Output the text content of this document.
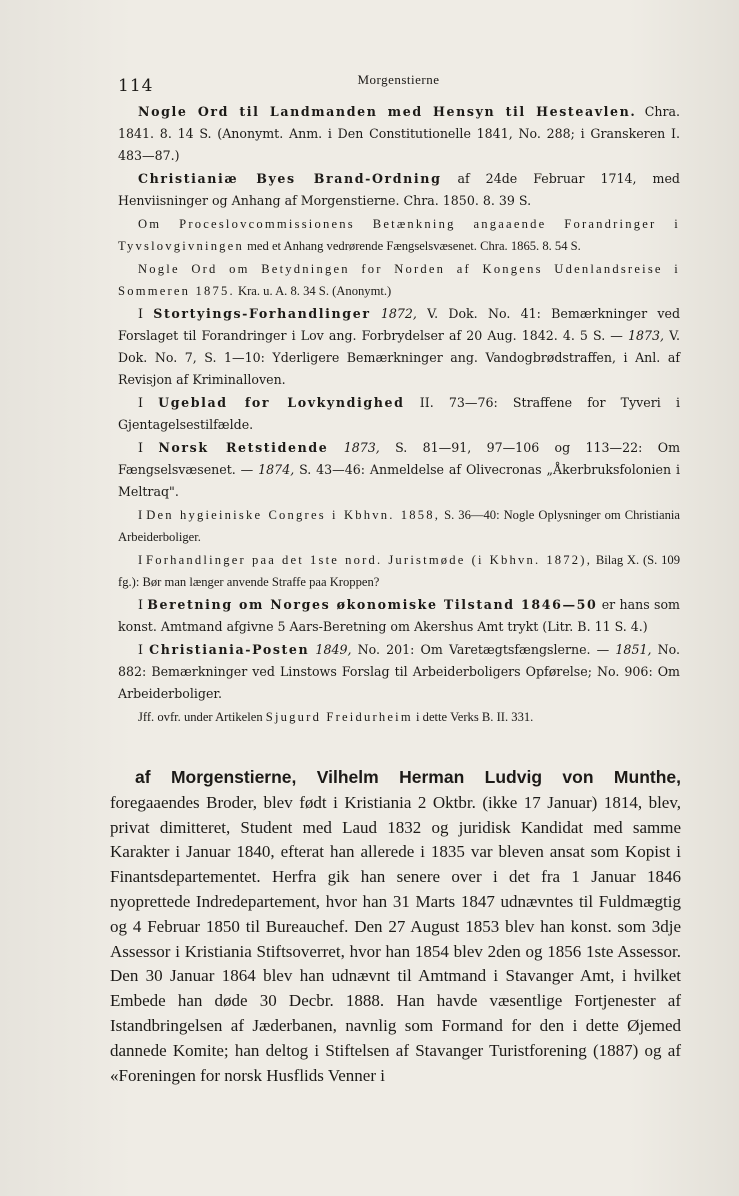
114	Morgenstierne

Nogle Ord til Landmanden med Hensyn til Hesteavlen. Chra. 1841. 8. 14 S. (Anonymt. Anm. i Den Constitutionelle 1841, No. 288; i Granskeren I. 483—87.)

Christianiæ Byes Brand-Ordning af 24de Februar 1714, med Henviisninger og Anhang af Morgenstierne. Chra. 1850. 8. 39 S.

Om Proceslovcommissionens Betænkning angaaende Forandringer i Tyvslovgivningen med et Anhang vedrørende Fængselsvæsenet. Chra. 1865. 8. 54 S.

Nogle Ord om Betydningen for Norden af Kongens Udenlandsreise i Sommeren 1875. Kra. u. A. 8. 34 S. (Anonymt.)

I Stortyings-Forhandlinger 1872, V. Dok. No. 41: Bemærkninger ved Forslaget til Forandringer i Lov ang. Forbrydelser af 20 Aug. 1842. 4. 5 S. — 1873, V. Dok. No. 7, S. 1—10: Yderligere Bemærkninger ang. Vandogbrødstraffen, i Anl. af Revisjon af Kriminalloven.

I Ugeblad for Lovkyndighed II. 73—76: Straffene for Tyveri i Gjentagelsestilfælde.

I Norsk Retstidende 1873, S. 81—91, 97—106 og 113—22: Om Fængselsvæsenet. — 1874, S. 43—46: Anmeldelse af Olivecronas „Åkerbruksfolonien i Meltraq".

I Den hygieiniske Congres i Kbhvn. 1858, S. 36—40: Nogle Oplysninger om Christiania Arbeiderboliger.

I Forhandlinger paa det 1ste nord. Juristmøde (i Kbhvn. 1872), Bilag X. (S. 109 fg.): Bør man længer anvende Straffe paa Kroppen?

I Beretning om Norges økonomiske Tilstand 1846—50 er hans som konst. Amtmand afgivne 5 Aars-Beretning om Akershus Amt trykt (Litr. B. 11 S. 4.)

I Christiania-Posten 1849, No. 201: Om Varetægtsfængslerne. — 1851, No. 882: Bemærkninger ved Linstows Forslag til Arbeiderboligers Opførelse; No. 906: Om Arbeiderboliger.

Jff. ovfr. under Artikelen Sjugurd Freidurheim i dette Verks B. II. 331.

af Morgenstierne, Vilhelm Herman Ludvig von Munthe, foregaaendes Broder, blev født i Kristiania 2 Oktbr. (ikke 17 Januar) 1814, blev, privat dimitteret, Student med Laud 1832 og juridisk Kandidat med samme Karakter i Januar 1840, efterat han allerede i 1835 var bleven ansat som Kopist i Finantsdepartementet. Herfra gik han senere over i det fra 1 Januar 1846 nyoprettede Indredepartement, hvor han 31 Marts 1847 udnævntes til Fuldmægtig og 4 Februar 1850 til Bureauchef. Den 27 August 1853 blev han konst. som 3dje Assessor i Kristiania Stiftsoverret, hvor han 1854 blev 2den og 1856 1ste Assessor. Den 30 Januar 1864 blev han udnævnt til Amtmand i Stavanger Amt, i hvilket Embede han døde 30 Decbr. 1888. Han havde væsentlige Fortjenester af Istandbringelsen af Jæderbanen, navnlig som Formand for den i dette Øjemed dannede Komite; han deltog i Stiftelsen af Stavanger Turistforening (1887) og af «Foreningen for norsk Husflids Venner i
